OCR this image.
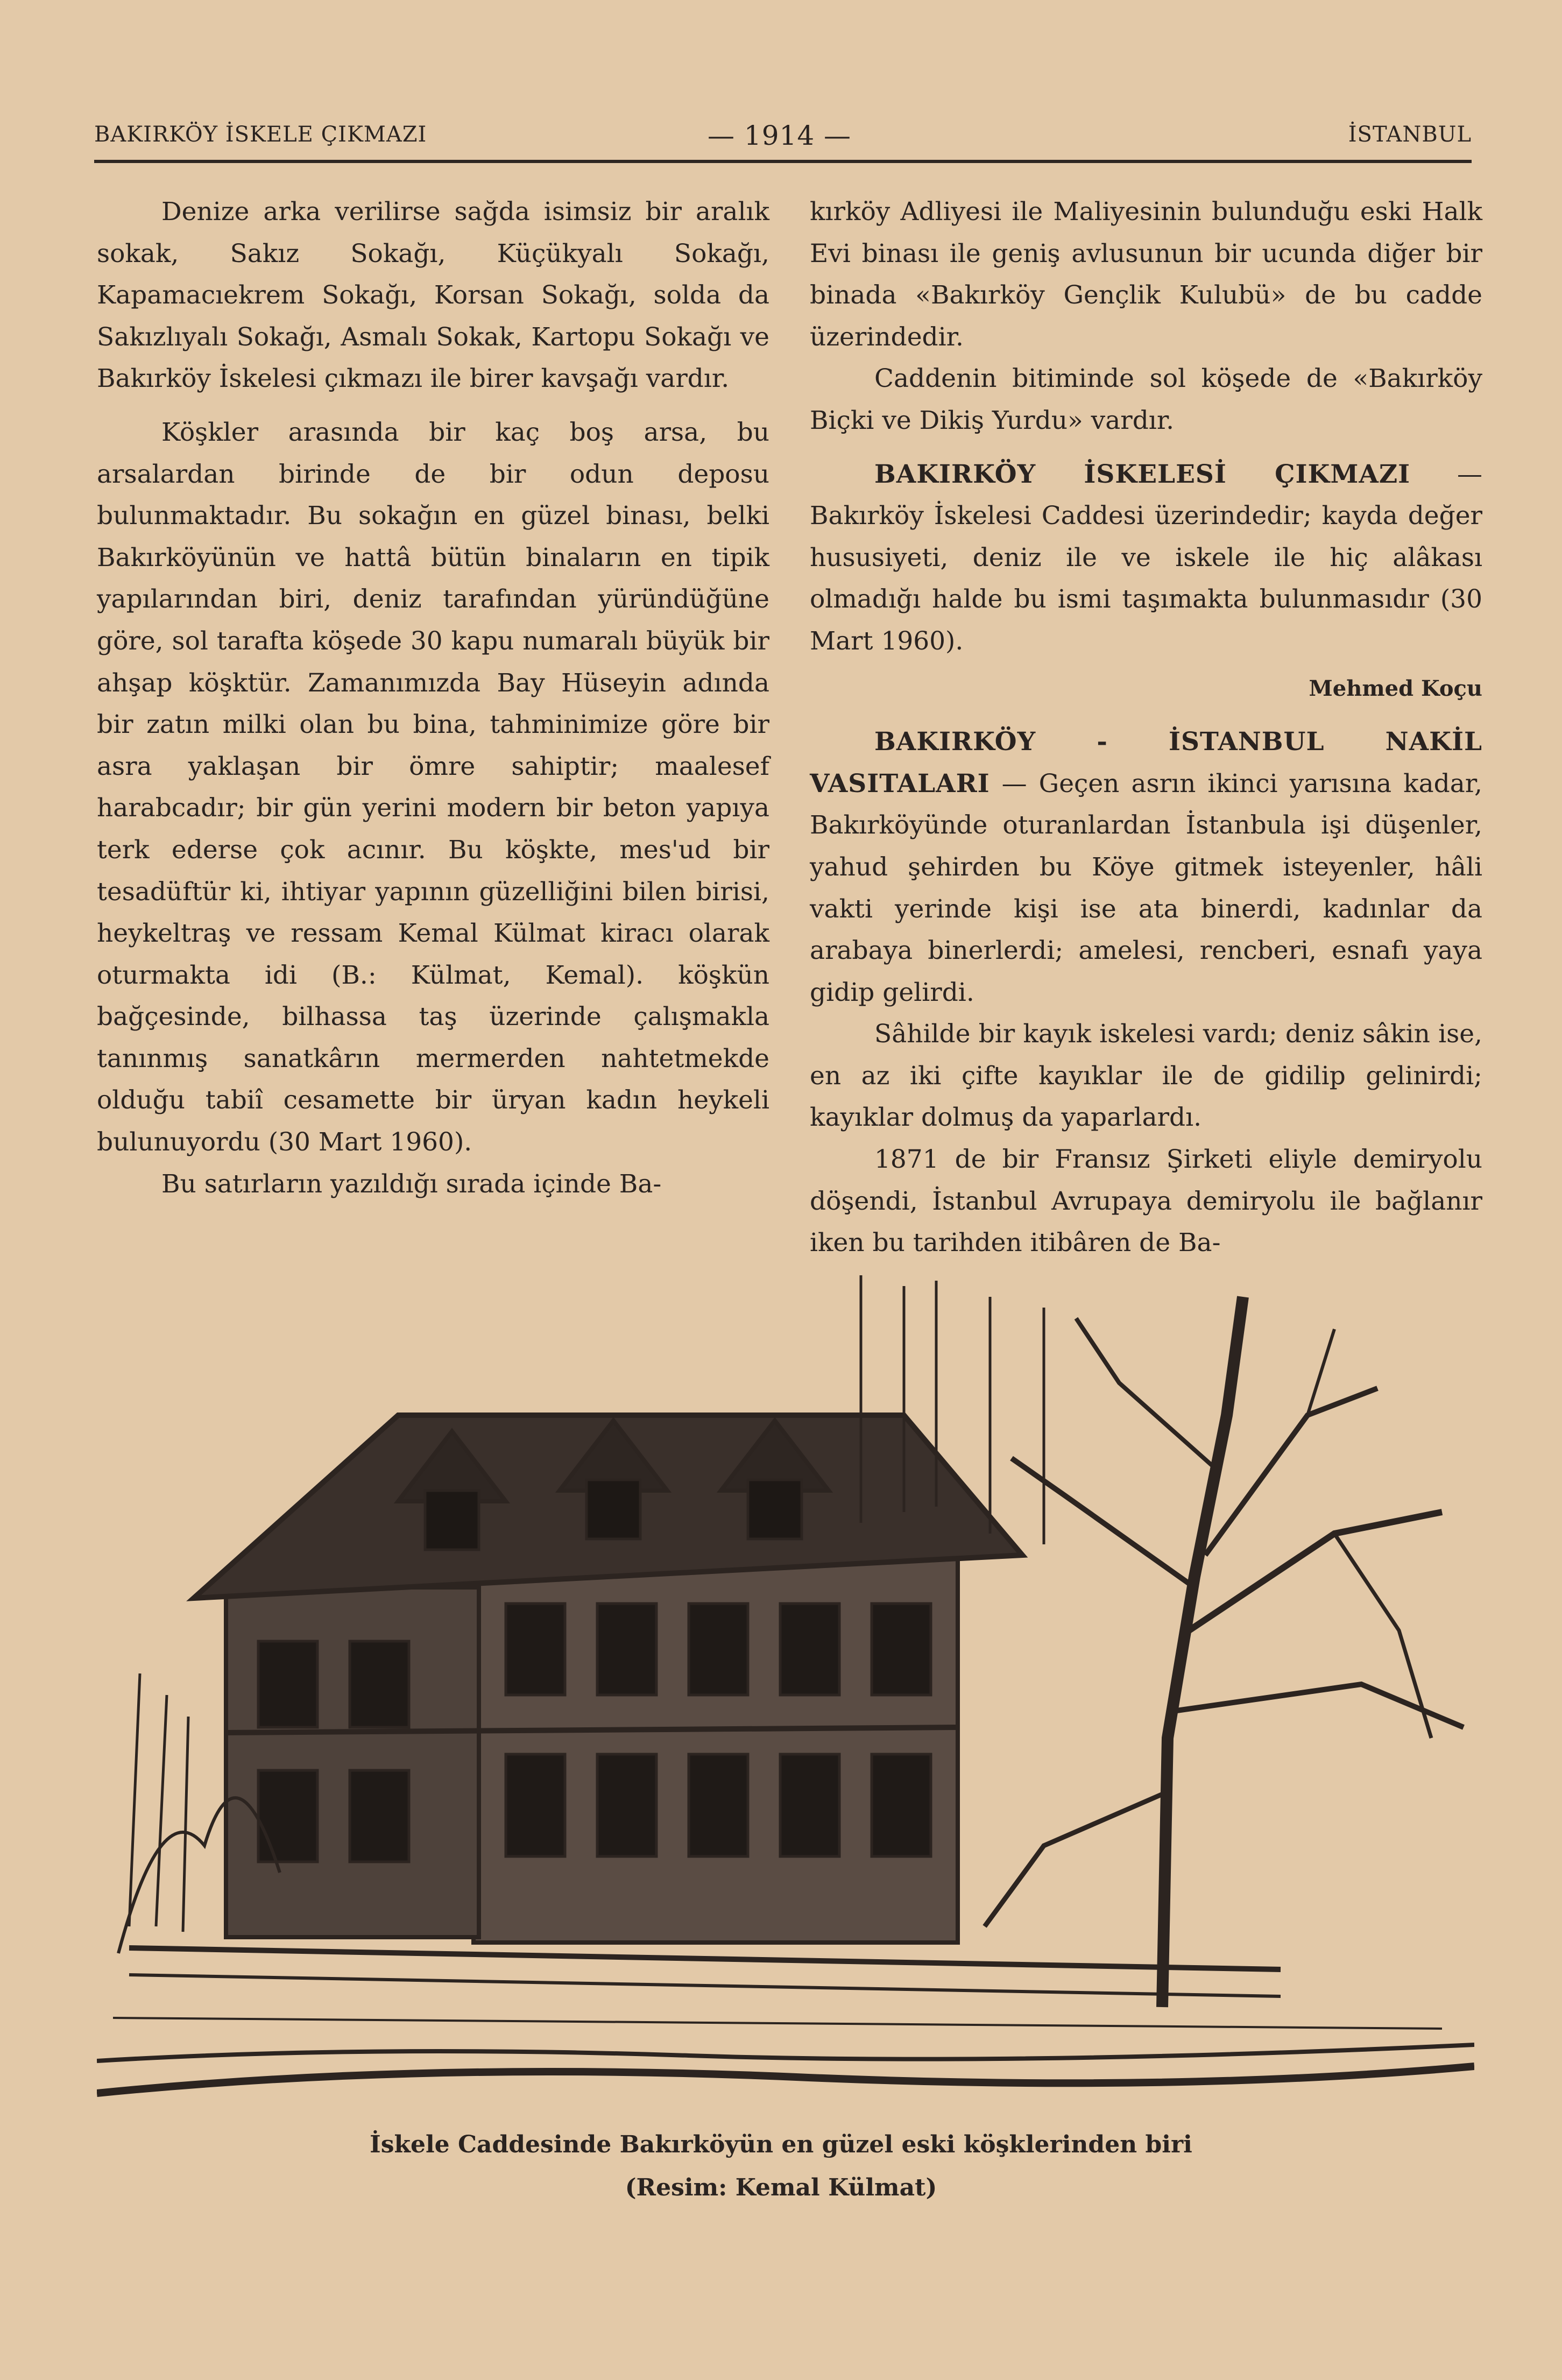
BAKIRKÖY İSKELE ÇIKMAZI	— 1914 —	İSTANBUL

Denize arka verilirse sağda isimsiz bir aralık sokak, Sakız Sokağı, Küçükyalı Sokağı, Kapamacıekrem Sokağı, Korsan Sokağı, solda da Sakızlıyalı Sokağı, Asmalı Sokak, Kartopu Sokağı ve Bakırköy İskelesi çıkmazı ile birer kavşağı vardır.

Köşkler arasında bir kaç boş arsa, bu arsalardan birinde de bir odun deposu bulunmaktadır. Bu sokağın en güzel binası, belki Bakırköyünün ve hattâ bütün binaların en tipik yapılarından biri, deniz tarafından yüründüğüne göre, sol tarafta köşede 30 kapu numaralı büyük bir ahşap köşktür. Zamanımızda Bay Hüseyin adında bir zatın milki olan bu bina, tahminimize göre bir asra yaklaşan bir ömre sahiptir; maalesef harabcadır; bir gün yerini modern bir beton yapıya terk ederse çok acınır. Bu köşkte, mes'ud bir tesadüftür ki, ihtiyar yapının güzelliğini bilen birisi, heykeltraş ve ressam Kemal Külmat kiracı olarak oturmakta idi (B.: Külmat, Kemal). köşkün bağçesinde, bilhassa taş üzerinde çalışmakla tanınmış sanatkârın mermerden nahtetmekde olduğu tabiî cesamette bir üryan kadın heykeli bulunuyordu (30 Mart 1960).

Bu satırların yazıldığı sırada içinde Ba-

kırköy Adliyesi ile Maliyesinin bulunduğu eski Halk Evi binası ile geniş avlusunun bir ucunda diğer bir binada «Bakırköy Gençlik Kulubü» de bu cadde üzerindedir.

Caddenin bitiminde sol köşede de «Bakırköy Biçki ve Dikiş Yurdu» vardır.

BAKIRKÖY İSKELESİ ÇIKMAZI — Bakırköy İskelesi Caddesi üzerindedir; kayda değer hususiyeti, deniz ile ve iskele ile hiç alâkası olmadığı halde bu ismi taşımakta bulunmasıdır (30 Mart 1960).

Mehmed Koçu

BAKIRKÖY - İSTANBUL NAKİL VASITALARI — Geçen asrın ikinci yarısına kadar, Bakırköyünde oturanlardan İstanbula işi düşenler, yahud şehirden bu Köye gitmek isteyenler, hâli vakti yerinde kişi ise ata binerdi, kadınlar da arabaya binerlerdi; amelesi, rencberi, esnafı yaya gidip gelirdi.

Sâhilde bir kayık iskelesi vardı; deniz sâkin ise, en az iki çifte kayıklar ile de gidilip gelinirdi; kayıklar dolmuş da yaparlardı.

1871 de bir Fransız Şirketi eliyle demiryolu döşendi, İstanbul Avrupaya demiryolu ile bağlanır iken bu tarihden itibâren de Ba-

İskele Caddesinde Bakırköyün en güzel eski köşklerinden biri
(Resim: Kemal Külmat)
